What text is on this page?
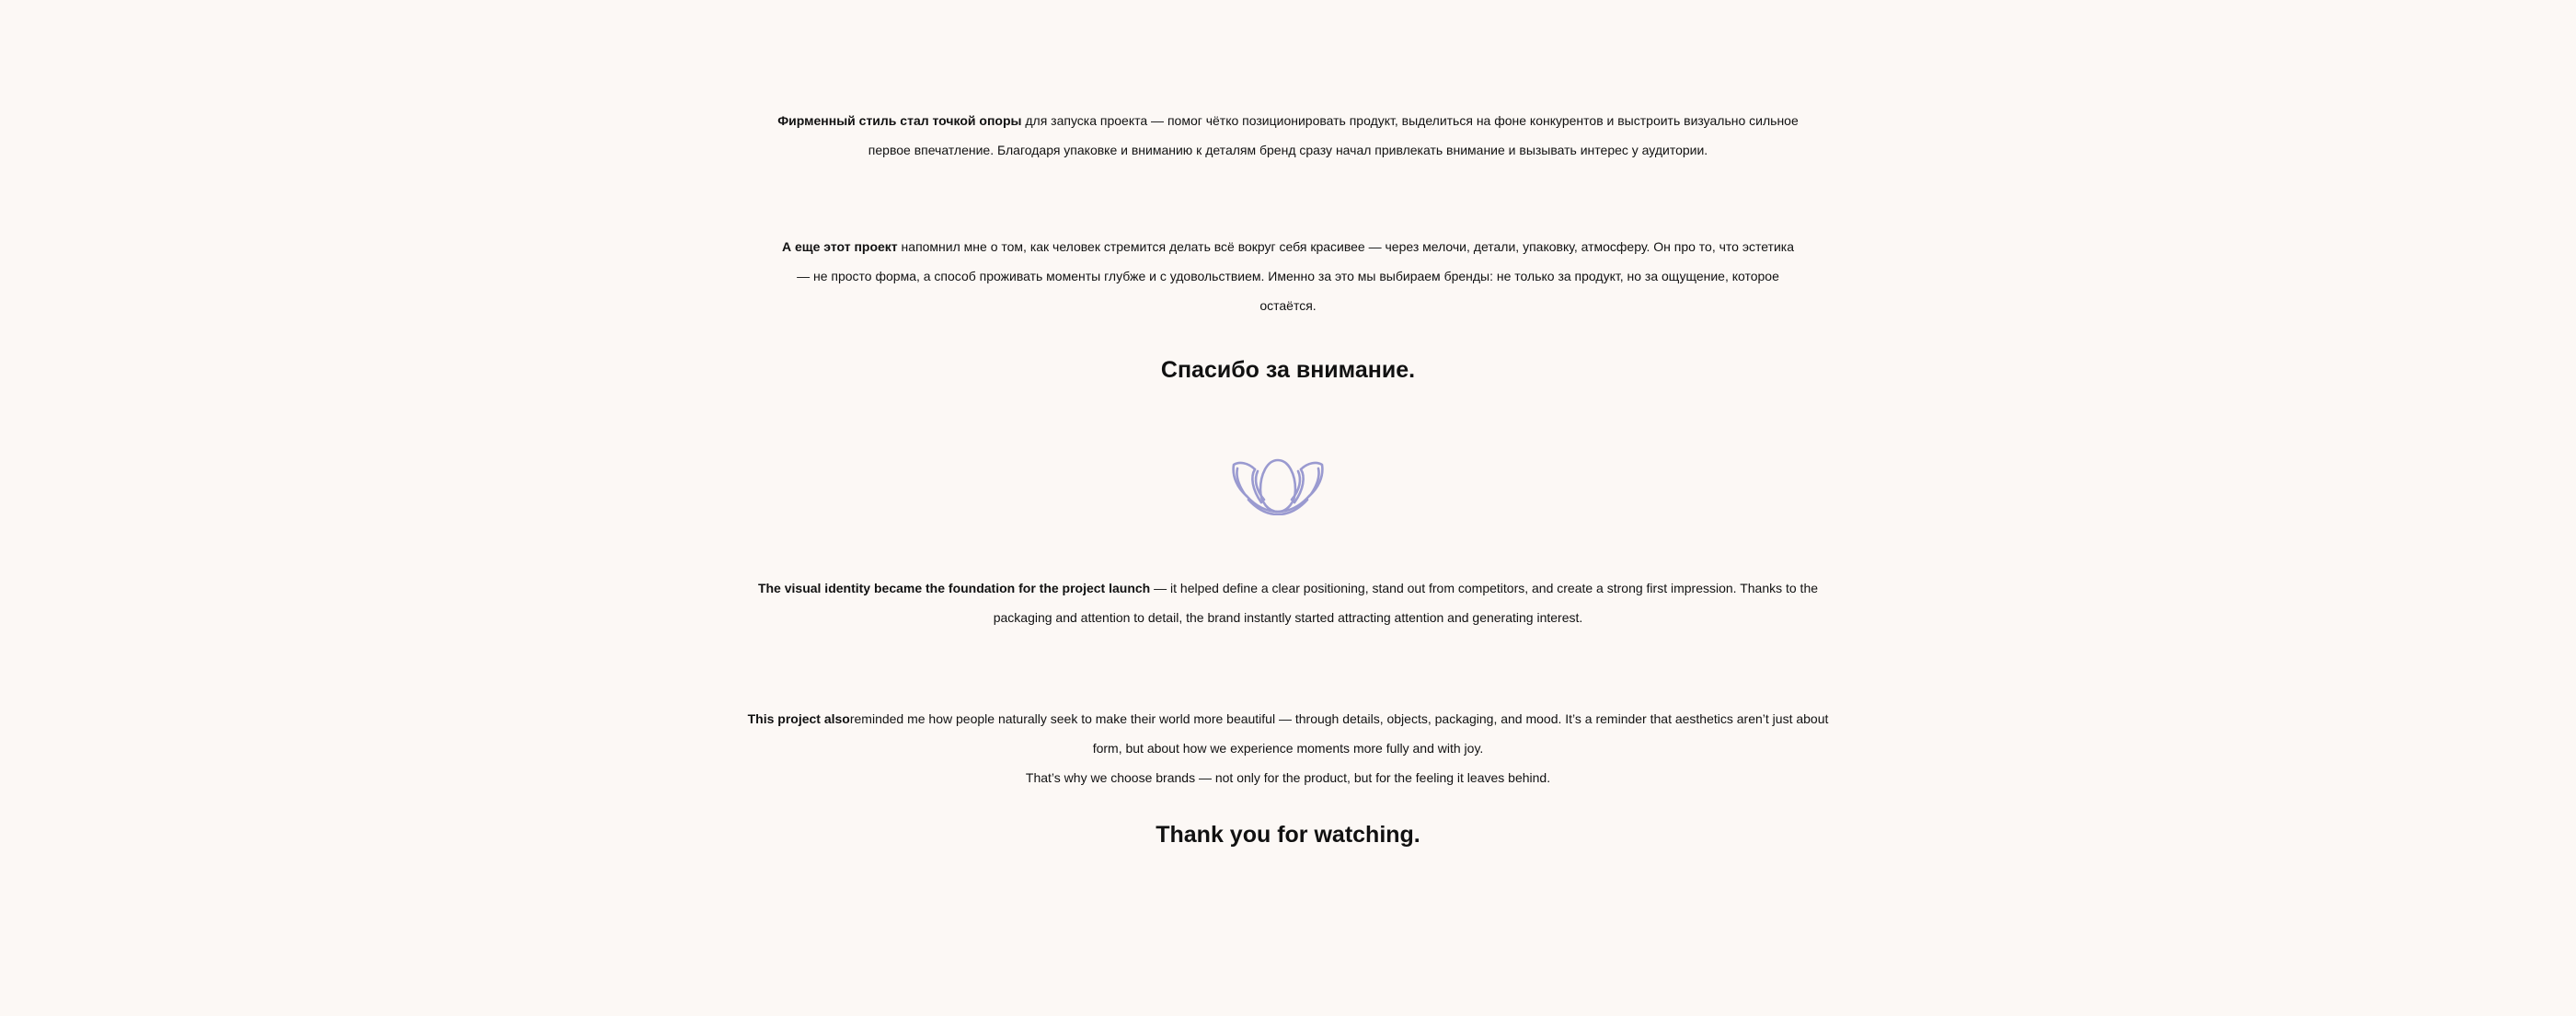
Фирменный стиль стал точкой опоры для запуска проекта — помог чётко позиционировать продукт, выделиться на фоне конкурентов и выстроить визуально сильное
первое впечатление. Благодаря упаковке и вниманию к деталям бренд сразу начал привлекать внимание и вызывать интерес у аудитории.

А еще этот проект напомнил мне о том, как человек стремится делать всё вокруг себя красивее — через мелочи, детали, упаковку, атмосферу. Он про то, что эстетика
— не просто форма, а способ проживать моменты глубже и с удовольствием. Именно за это мы выбираем бренды: не только за продукт, но за ощущение, которое
остаётся.

Спасибо за внимание.

The visual identity became the foundation for the project launch — it helped define a clear positioning, stand out from competitors, and create a strong first impression. Thanks to the
packaging and attention to detail, the brand instantly started attracting attention and generating interest.

This project alsoreminded me how people naturally seek to make their world more beautiful — through details, objects, packaging, and mood. It’s a reminder that aesthetics aren’t just about
form, but about how we experience moments more fully and with joy.
That’s why we choose brands — not only for the product, but for the feeling it leaves behind.

Thank you for watching.
